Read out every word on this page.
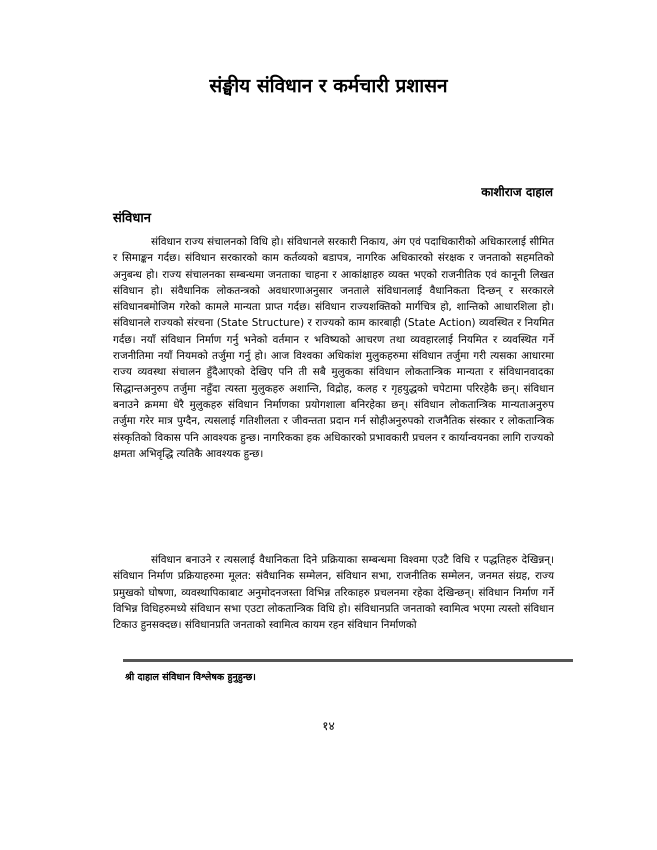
संङ्घीय संविधान र कर्मचारी प्रशासन
काशीराज दाहाल
संविधान

संविधान राज्य संचालनको विधि हो। संविधानले सरकारी निकाय, अंग एवं पदाधिकारीको अधिकारलाई सीमित र सिमाङ्कन गर्दछ। संविधान सरकारको काम कर्तव्यको बडापत्र, नागरिक अधिकारको संरक्षक र जनताको सहमतिको अनुबन्ध हो। राज्य संचालनका सम्बन्धमा जनताका चाहना र आकांक्षाहरु व्यक्त भएको राजनीतिक एवं कानूनी लिखत संविधान हो। संवैधानिक लोकतन्त्रको अवधारणाअनुसार जनताले संविधानलाई वैधानिकता दिन्छन् र सरकारले संविधानबमोजिम गरेको कामले मान्यता प्राप्त गर्दछ। संविधान राज्यशक्तिको मार्गचित्र हो, शान्तिको आधारशिला हो। संविधानले राज्यको संरचना (State Structure) र राज्यको काम कारबाही (State Action) व्यवस्थित र नियमित गर्दछ। नयाँ संविधान निर्माण गर्नु भनेको वर्तमान र भविष्यको आचरण तथा व्यवहारलाई नियमित र व्यवस्थित गर्ने राजनीतिमा नयाँ नियमको तर्जुमा गर्नु हो। आज विश्वका अधिकांश मुलुकहरुमा संविधान तर्जुमा गरी त्यसका आधारमा राज्य व्यवस्था संचालन हुँदैआएको देखिए पनि ती सबै मुलुकका संविधान लोकतान्त्रिक मान्यता र संविधानवादका सिद्धान्तअनुरुप तर्जुमा नहुँदा त्यस्ता मुलुकहरु अशान्ति, विद्रोह, कलह र गृहयुद्धको चपेटामा परिरहेकै छन्। संविधान बनाउने क्रममा धेरै मुलुकहरु संविधान निर्माणका प्रयोगशाला बनिरहेका छन्। संविधान लोकतान्त्रिक मान्यताअनुरुप तर्जुमा गरेर मात्र पुग्दैन, त्यसलाई गतिशीलता र जीवन्तता प्रदान गर्न सोहीअनुरुपको राजनैतिक संस्कार र लोकतान्त्रिक संस्कृतिको विकास पनि आवश्यक हुन्छ। नागरिकका हक अधिकारको प्रभावकारी प्रचलन र कार्यान्वयनका लागि राज्यको क्षमता अभिवृद्धि त्यतिकै आवश्यक हुन्छ।

संविधान बनाउने र त्यसलाई वैधानिकता दिने प्रक्रियाका सम्बन्धमा विश्वमा एउटै विधि र पद्धतिहरु देखिन्नन्। संविधान निर्माण प्रक्रियाहरुमा मूलत: संवैधानिक सम्मेलन, संविधान सभा, राजनीतिक सम्मेलन, जनमत संग्रह, राज्य प्रमुखको घोषणा, व्यवस्थापिकाबाट अनुमोदनजस्ता विभिन्न तरिकाहरु प्रचलनमा रहेका देखिन्छन्। संविधान निर्माण गर्ने विभिन्न विधिहरुमध्ये संविधान सभा एउटा लोकतान्त्रिक विधि हो। संविधानप्रति जनताको स्वामित्व भएमा त्यस्तो संविधान टिकाउ हुनसक्दछ। संविधानप्रति जनताको स्वामित्व कायम रहन संविधान निर्माणको

श्री दाहाल संविधान विश्लेषक हुनुहुन्छ।
१४
